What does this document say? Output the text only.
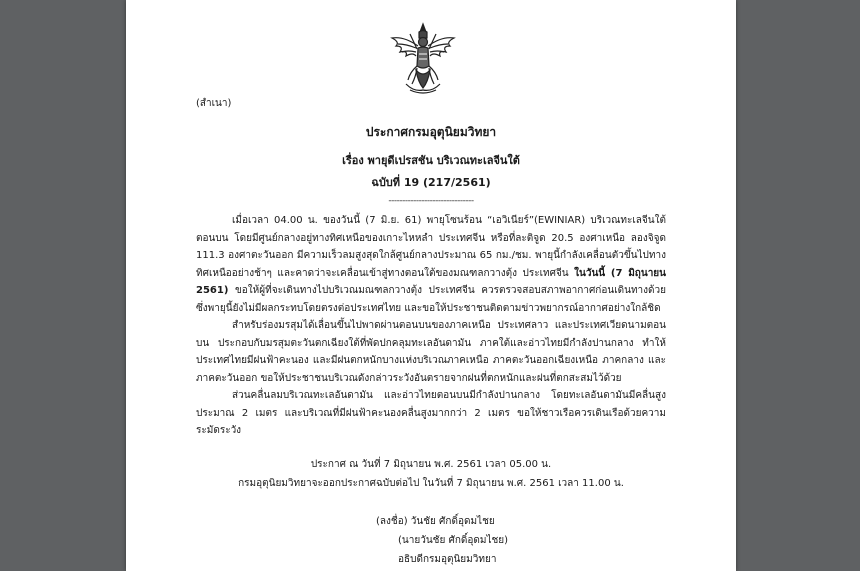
(สำเนา)
ประกาศกรมอุตุนิยมวิทยา
เรื่อง พายุดีเปรสชัน บริเวณทะเลจีนใต้
ฉบับที่ 19 (217/2561)
-------------------------------

เมื่อเวลา 04.00 น. ของวันนี้ (7 มิ.ย. 61) พายุโซนร้อน “เอวิเนียร์”(EWINIAR) บริเวณทะเลจีนใต้ตอนบน โดยมีศูนย์กลางอยู่ทางทิศเหนือของเกาะไหหลำ ประเทศจีน หรือที่ละติจูด 20.5 องศาเหนือ ลองจิจูด 111.3 องศาตะวันออก มีความเร็วลมสูงสุดใกล้ศูนย์กลางประมาณ 65 กม./ชม. พายุนี้กำลังเคลื่อนตัวขึ้นไปทางทิศเหนืออย่างช้าๆ และคาดว่าจะเคลื่อนเข้าสู่ทางตอนใต้ของมณฑลกวางตุ้ง ประเทศจีน ในวันนี้ (7 มิถุนายน 2561) ขอให้ผู้ที่จะเดินทางไปบริเวณมณฑลกวางตุ้ง ประเทศจีน ควรตรวจสอบสภาพอากาศก่อนเดินทางด้วย ซึ่งพายุนี้ยังไม่มีผลกระทบโดยตรงต่อประเทศไทย และขอให้ประชาชนติดตามข่าวพยากรณ์อากาศอย่างใกล้ชิด

สำหรับร่องมรสุมได้เลื่อนขึ้นไปพาดผ่านตอนบนของภาคเหนือ ประเทศลาว และประเทศเวียดนามตอนบน ประกอบกับมรสุมตะวันตกเฉียงใต้ที่พัดปกคลุมทะเลอันดามัน ภาคใต้และอ่าวไทยมีกำลังปานกลาง ทำให้ประเทศไทยมีฝนฟ้าคะนอง และมีฝนตกหนักบางแห่งบริเวณภาคเหนือ ภาคตะวันออกเฉียงเหนือ ภาคกลาง และภาคตะวันออก ขอให้ประชาชนบริเวณดังกล่าวระวังอันตรายจากฝนที่ตกหนักและฝนที่ตกสะสมไว้ด้วย

ส่วนคลื่นลมบริเวณทะเลอันดามัน และอ่าวไทยตอนบนมีกำลังปานกลาง โดยทะเลอันดามันมีคลื่นสูงประมาณ 2 เมตร และบริเวณที่มีฝนฟ้าคะนองคลื่นสูงมากกว่า 2 เมตร ขอให้ชาวเรือควรเดินเรือด้วยความระมัดระวัง

ประกาศ ณ วันที่ 7 มิถุนายน พ.ศ. 2561 เวลา 05.00 น.
กรมอุตุนิยมวิทยาจะออกประกาศฉบับต่อไป ในวันที่ 7 มิถุนายน พ.ศ. 2561 เวลา 11.00 น.
(ลงชื่อ) วันชัย ศักดิ์อุดมไชย
(นายวันชัย ศักดิ์อุดมไชย)
อธิบดีกรมอุตุนิยมวิทยา
